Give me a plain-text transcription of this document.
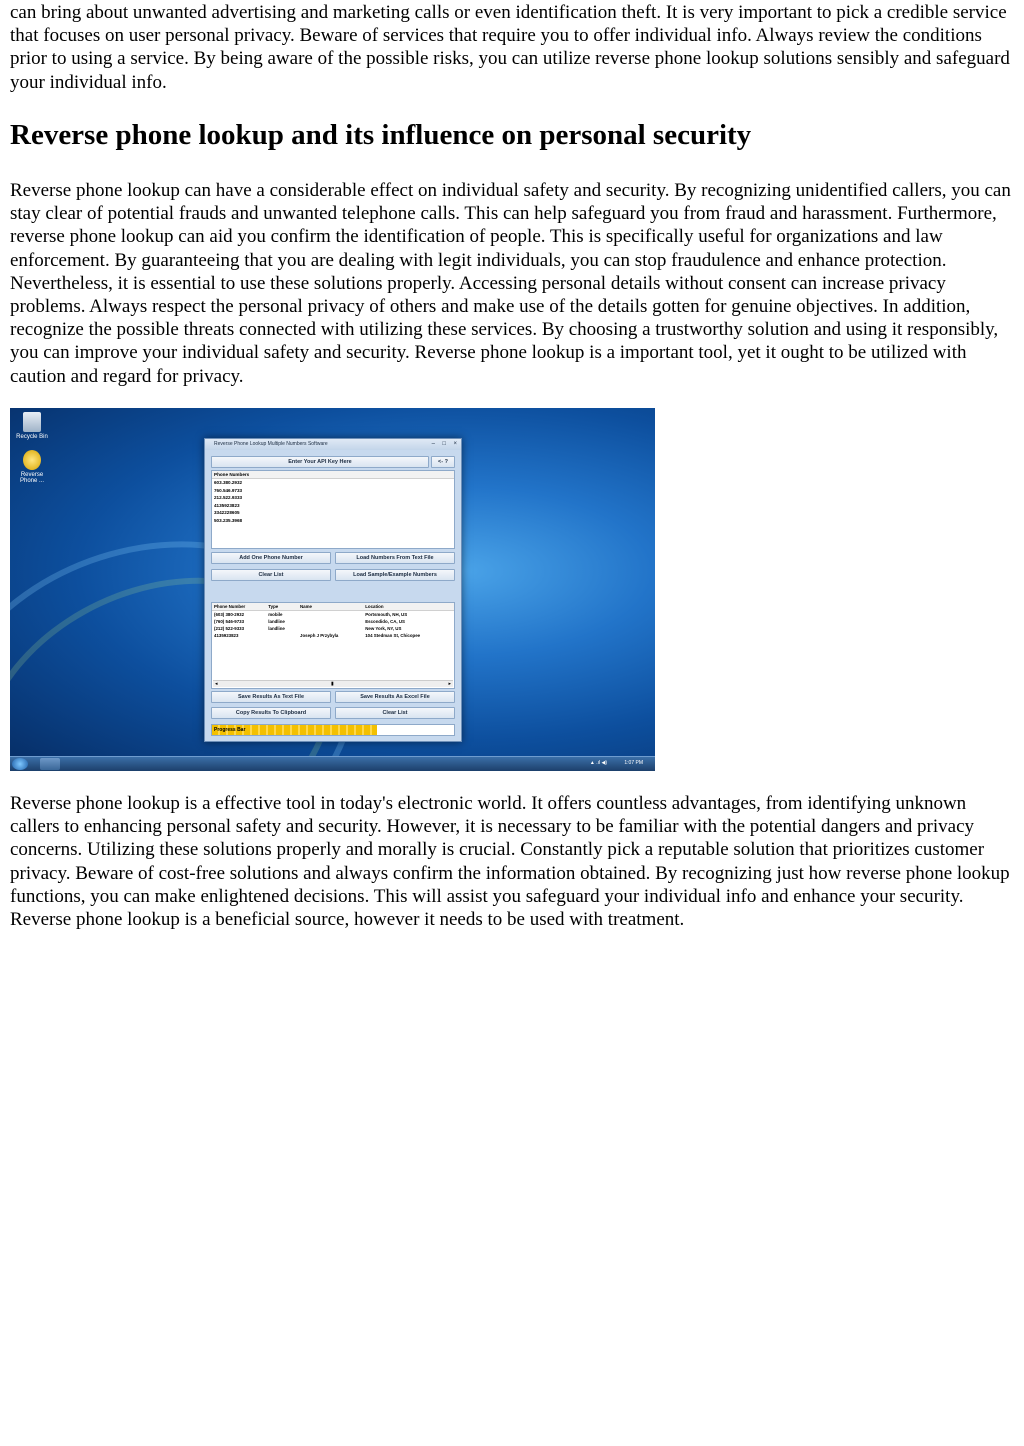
can bring about unwanted advertising and marketing calls or even identification theft. It is very important to pick a credible service that focuses on user personal privacy. Beware of services that require you to offer individual info. Always review the conditions prior to using a service. By being aware of the possible risks, you can utilize reverse phone lookup solutions sensibly and safeguard your individual info.

Reverse phone lookup and its influence on personal security

Reverse phone lookup can have a considerable effect on individual safety and security. By recognizing unidentified callers, you can stay clear of potential frauds and unwanted telephone calls. This can help safeguard you from fraud and harassment. Furthermore, reverse phone lookup can aid you confirm the identification of people. This is specifically useful for organizations and law enforcement. By guaranteeing that you are dealing with legit individuals, you can stop fraudulence and enhance protection. Nevertheless, it is essential to use these solutions properly. Accessing personal details without consent can increase privacy problems. Always respect the personal privacy of others and make use of the details gotten for genuine objectives. In addition, recognize the possible threats connected with utilizing these services. By choosing a trustworthy solution and using it responsibly, you can improve your individual safety and security. Reverse phone lookup is a important tool, yet it ought to be utilized with caution and regard for privacy.

Reverse phone lookup is a effective tool in today's electronic world. It offers countless advantages, from identifying unknown callers to enhancing personal safety and security. However, it is necessary to be familiar with the potential dangers and privacy concerns. Utilizing these solutions properly and morally is crucial. Constantly pick a reputable solution that prioritizes customer privacy. Beware of cost-free solutions and always confirm the information obtained. By recognizing just how reverse phone lookup functions, you can make enlightened decisions. This will assist you safeguard your individual info and enhance your security. Reverse phone lookup is a beneficial source, however it needs to be used with treatment.

Recycle Bin
Reverse Phone ...
Reverse Phone Lookup Multiple Numbers Software	– □ ×
Enter Your API Key Here	<- ?
Phone Numbers
603.380.2932
760.546.9733
212.522.9333
4135923823
3342228605
503.235.3968
Add One Phone Number	Load Numbers From Text File
Clear List	Load Sample/Example Numbers
Phone Number	Type	Name	Location
(603) 380-2932	mobile		Portsmouth, NH, US
(760) 546-9733	landline		Escondido, CA, US
(212) 522-9333	landline		New York, NY, US
4135923823		Joseph J Przybyla	104 Stedman St, Chicopee
◂	▮	▸
Save Results As Text File	Save Results As Excel File
Copy Results To Clipboard	Clear List
Progress Bar
▲ .ıl ◀)	1:07 PM
